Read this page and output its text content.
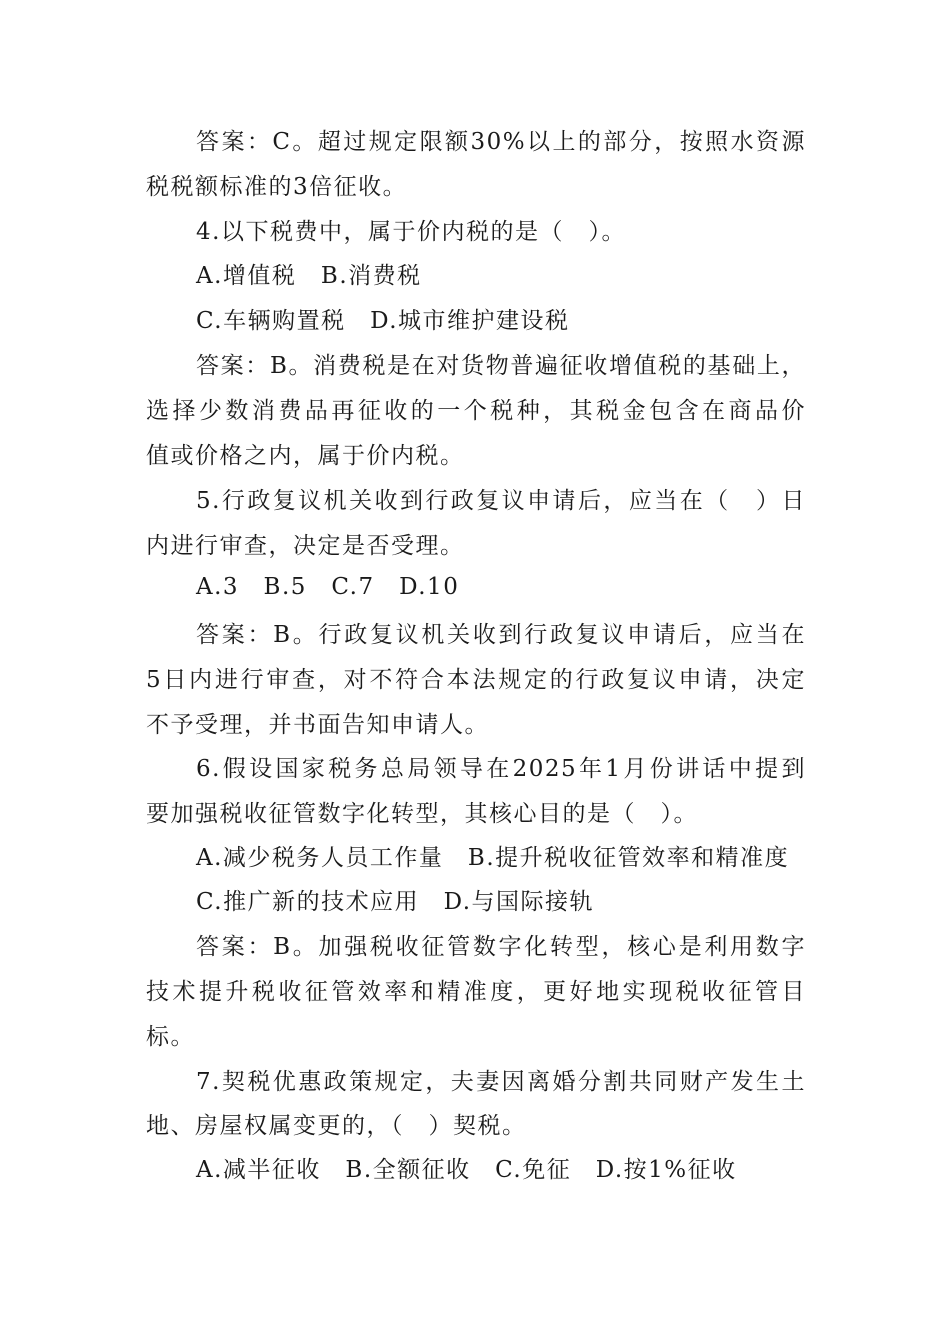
答案：C。超过规定限额30%以上的部分，按照水资源
税税额标准的3倍征收。
4.以下税费中，属于价内税的是（　）。
A.增值税　B.消费税
C.车辆购置税　D.城市维护建设税
答案：B。消费税是在对货物普遍征收增值税的基础上，
选择少数消费品再征收的一个税种，其税金包含在商品价
值或价格之内，属于价内税。
5.行政复议机关收到行政复议申请后，应当在（　）日
内进行审查，决定是否受理。
A.3　B.5　C.7　D.10
答案：B。行政复议机关收到行政复议申请后，应当在
5日内进行审查，对不符合本法规定的行政复议申请，决定
不予受理，并书面告知申请人。
6.假设国家税务总局领导在2025年1月份讲话中提到
要加强税收征管数字化转型，其核心目的是（　）。
A.减少税务人员工作量　B.提升税收征管效率和精准度
C.推广新的技术应用　D.与国际接轨
答案：B。加强税收征管数字化转型，核心是利用数字
技术提升税收征管效率和精准度，更好地实现税收征管目
标。
7.契税优惠政策规定，夫妻因离婚分割共同财产发生土
地、房屋权属变更的，（　）契税。
A.减半征收　B.全额征收　C.免征　D.按1%征收
